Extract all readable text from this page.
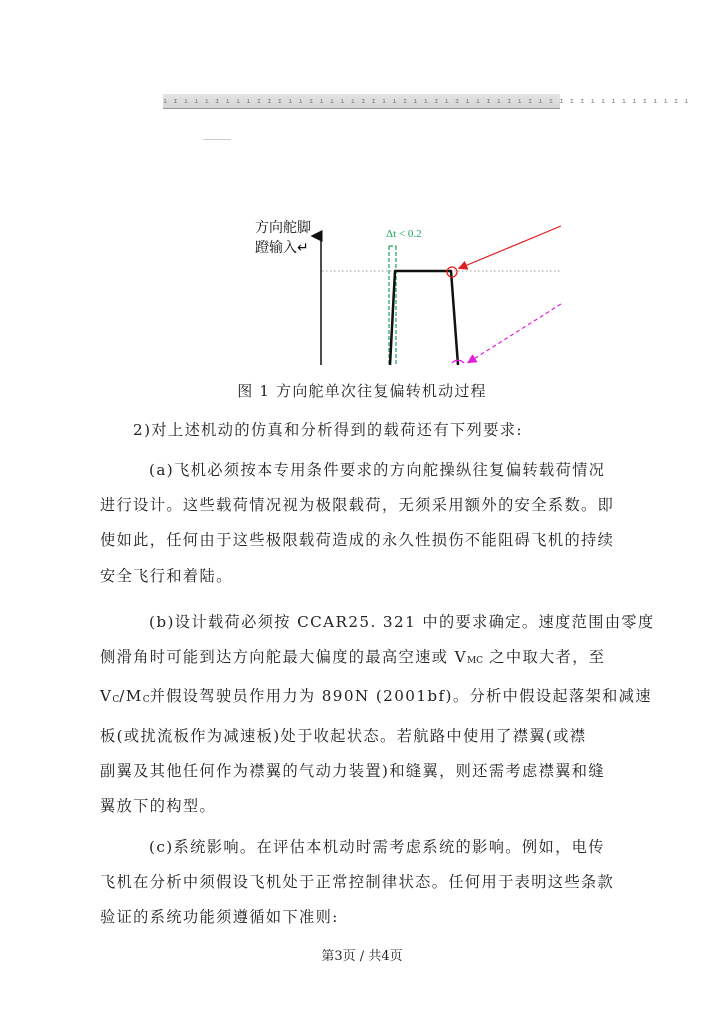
ı ɪ ı ı ı ɪ ı ı ı ɪ ɪ ɪ ı ı ɪ ı ı ı ı ɪ ɪ ı ı ɪ ı ı ɪ ı ɪ ı ı ɪ ı ɪ ı ɪ ı ɪ ɪ ɪ ɪ ı ı ı ı ı ɪ ı ı ɪ ı
方向舵脚
蹬输入↵
Δt < 0.2
图 1 方向舵单次往复偏转机动过程
2)对上述机动的仿真和分析得到的载荷还有下列要求:
(a)飞机必须按本专用条件要求的方向舵操纵往复偏转载荷情况
进行设计。这些载荷情况视为极限载荷，无须采用额外的安全系数。即
使如此，任何由于这些极限载荷造成的永久性损伤不能阻碍飞机的持续
安全飞行和着陆。
(b)设计载荷必须按 CCAR25. 321 中的要求确定。速度范围由零度
侧滑角时可能到达方向舵最大偏度的最高空速或 VMC 之中取大者，至
VC/MC并假设驾驶员作用力为 890N (2001bf)。分析中假设起落架和减速
板(或扰流板作为减速板)处于收起状态。若航路中使用了襟翼(或襟
副翼及其他任何作为襟翼的气动力装置)和缝翼，则还需考虑襟翼和缝
翼放下的构型。
(c)系统影响。在评估本机动时需考虑系统的影响。例如，电传
飞机在分析中须假设飞机处于正常控制律状态。任何用于表明这些条款
验证的系统功能须遵循如下准则:
第3页 / 共4页
